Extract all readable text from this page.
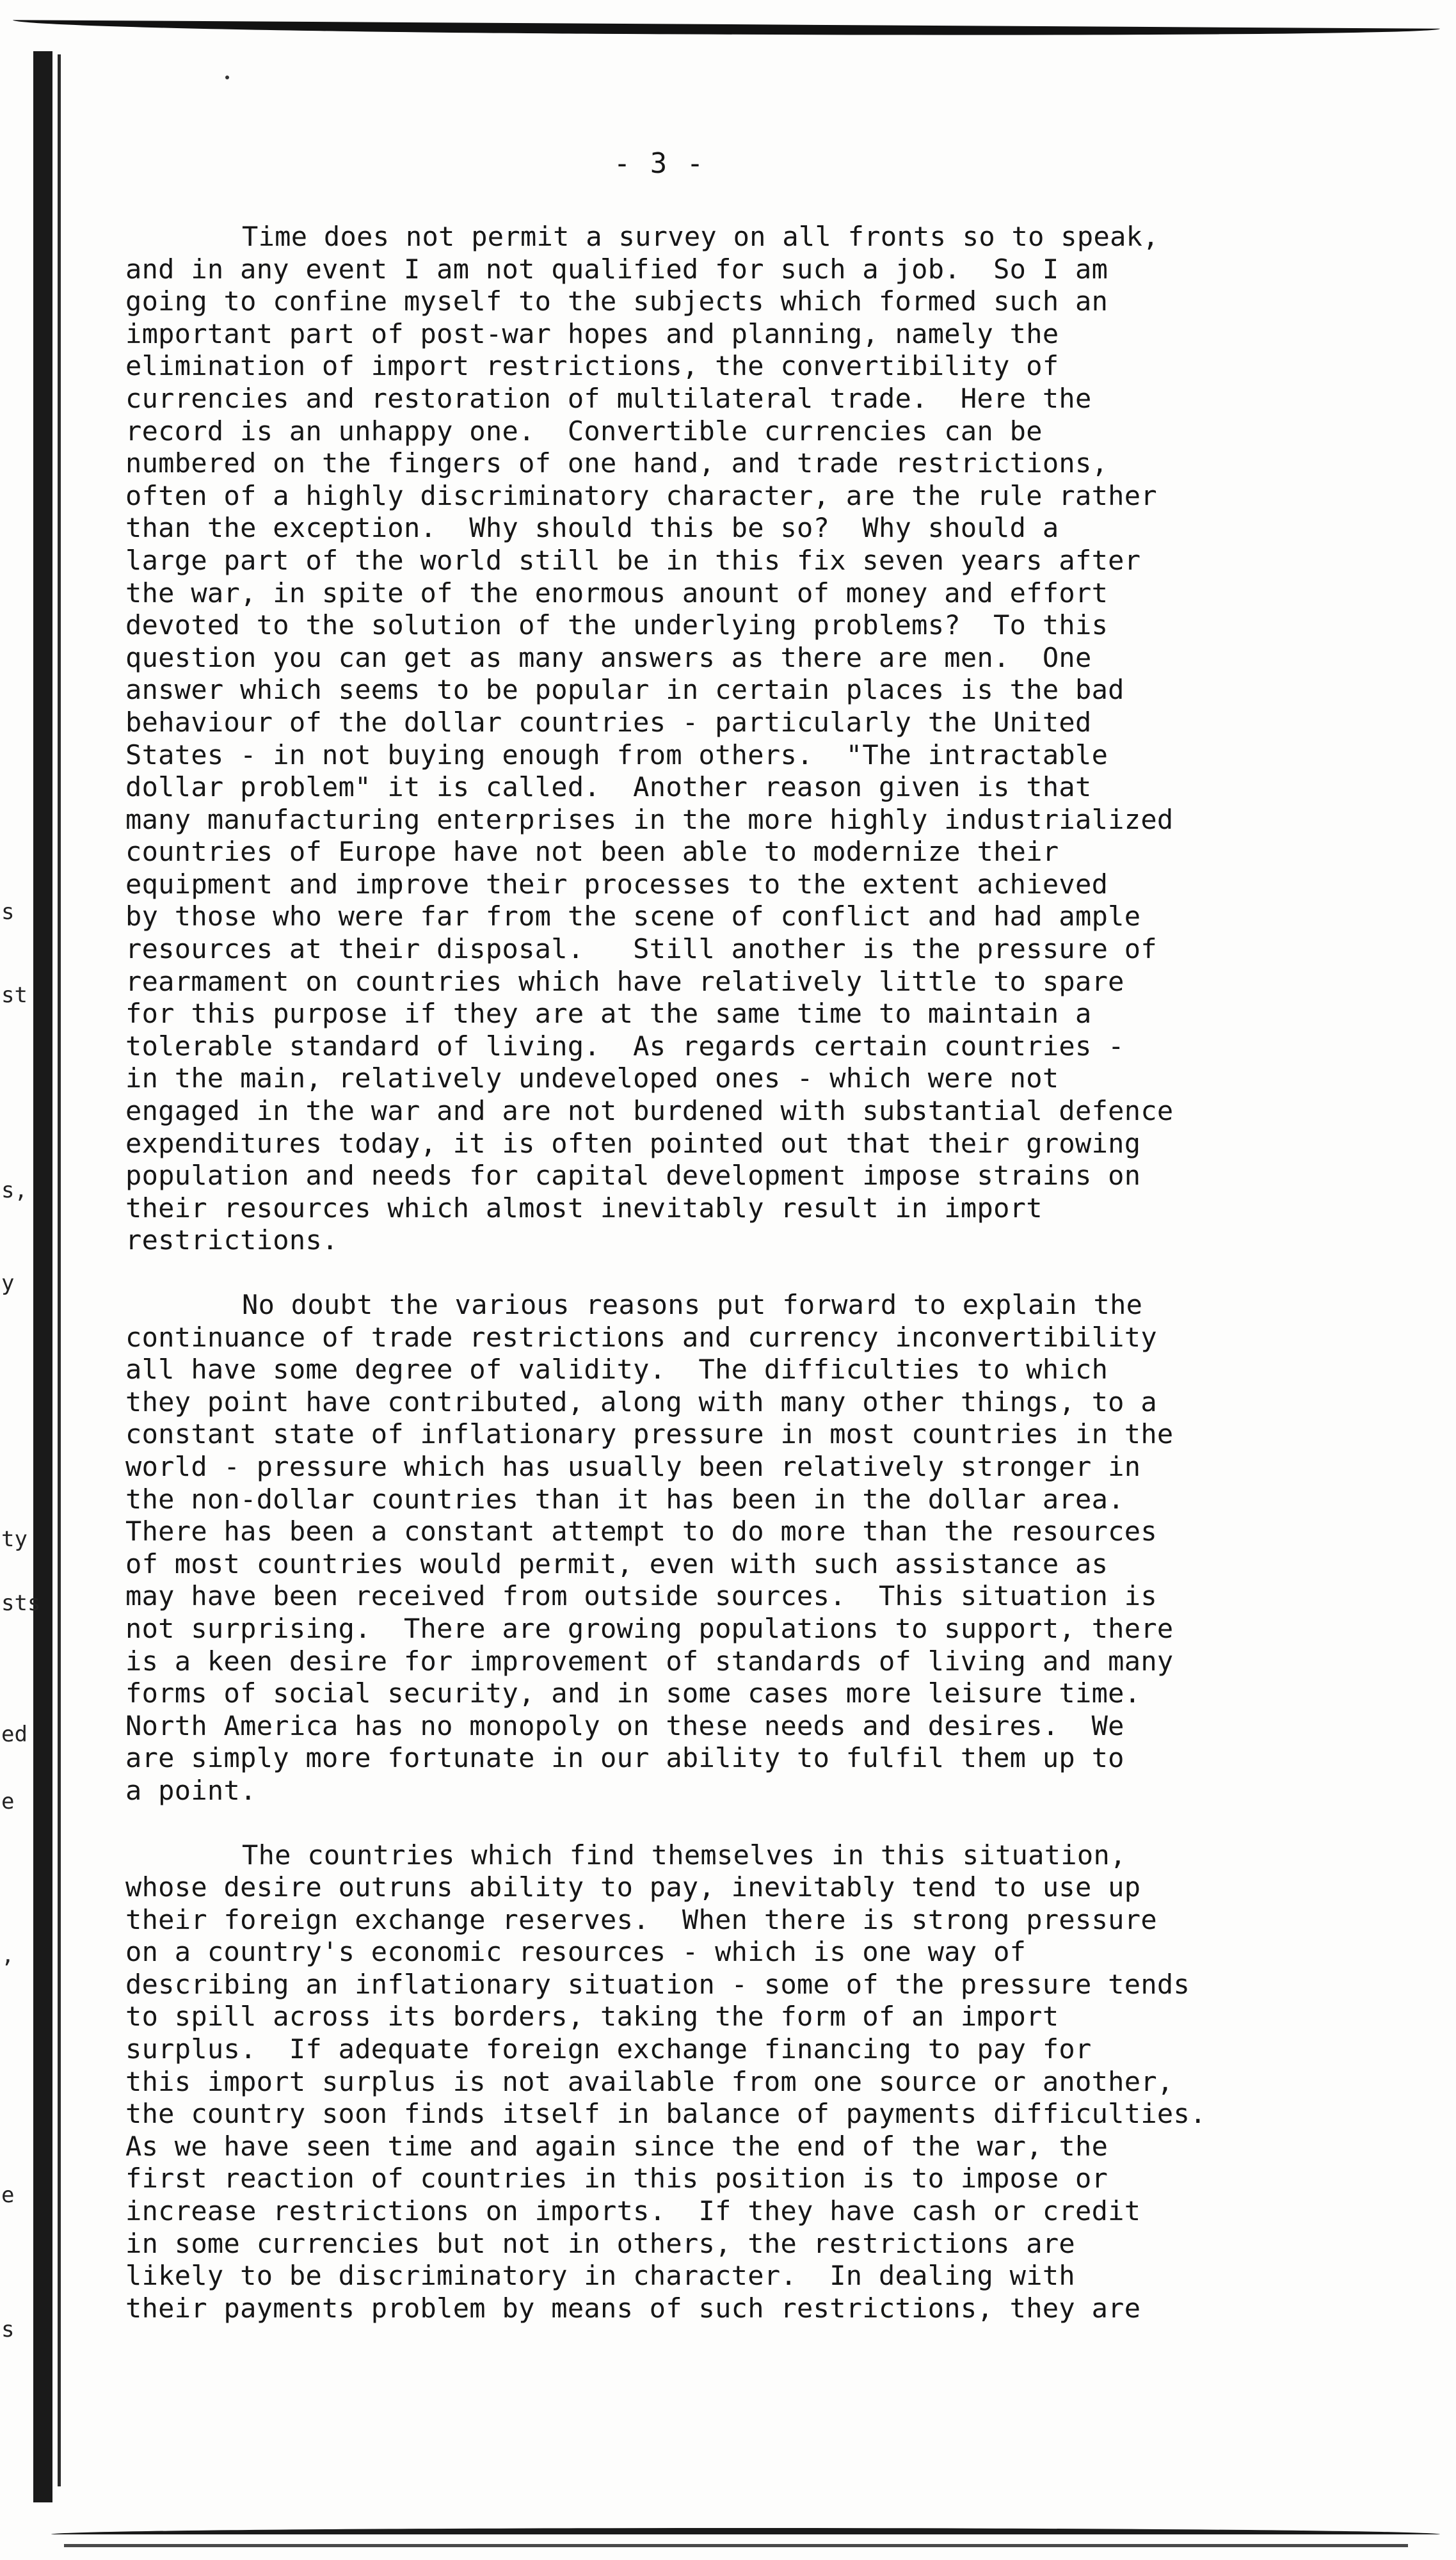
s
st
s,
y
ty
sts
ed
e
,
e
s
- 3 -
Time does not permit a survey on all fronts so to speak,
and in any event I am not qualified for such a job.  So I am
going to confine myself to the subjects which formed such an
important part of post-war hopes and planning, namely the
elimination of import restrictions, the convertibility of
currencies and restoration of multilateral trade.  Here the
record is an unhappy one.  Convertible currencies can be
numbered on the fingers of one hand, and trade restrictions,
often of a highly discriminatory character, are the rule rather
than the exception.  Why should this be so?  Why should a
large part of the world still be in this fix seven years after
the war, in spite of the enormous anount of money and effort
devoted to the solution of the underlying problems?  To this
question you can get as many answers as there are men.  One
answer which seems to be popular in certain places is the bad
behaviour of the dollar countries - particularly the United
States - in not buying enough from others.  "The intractable
dollar problem" it is called.  Another reason given is that
many manufacturing enterprises in the more highly industrialized
countries of Europe have not been able to modernize their
equipment and improve their processes to the extent achieved
by those who were far from the scene of conflict and had ample
resources at their disposal.   Still another is the pressure of
rearmament on countries which have relatively little to spare
for this purpose if they are at the same time to maintain a
tolerable standard of living.  As regards certain countries -
in the main, relatively undeveloped ones - which were not
engaged in the war and are not burdened with substantial defence
expenditures today, it is often pointed out that their growing
population and needs for capital development impose strains on
their resources which almost inevitably result in import
restrictions.
No doubt the various reasons put forward to explain the
continuance of trade restrictions and currency inconvertibility
all have some degree of validity.  The difficulties to which
they point have contributed, along with many other things, to a
constant state of inflationary pressure in most countries in the
world - pressure which has usually been relatively stronger in
the non-dollar countries than it has been in the dollar area.
There has been a constant attempt to do more than the resources
of most countries would permit, even with such assistance as
may have been received from outside sources.  This situation is
not surprising.  There are growing populations to support, there
is a keen desire for improvement of standards of living and many
forms of social security, and in some cases more leisure time.
North America has no monopoly on these needs and desires.  We
are simply more fortunate in our ability to fulfil them up to
a point.
The countries which find themselves in this situation,
whose desire outruns ability to pay, inevitably tend to use up
their foreign exchange reserves.  When there is strong pressure
on a country's economic resources - which is one way of
describing an inflationary situation - some of the pressure tends
to spill across its borders, taking the form of an import
surplus.  If adequate foreign exchange financing to pay for
this import surplus is not available from one source or another,
the country soon finds itself in balance of payments difficulties.
As we have seen time and again since the end of the war, the
first reaction of countries in this position is to impose or
increase restrictions on imports.  If they have cash or credit
in some currencies but not in others, the restrictions are
likely to be discriminatory in character.  In dealing with
their payments problem by means of such restrictions, they are
